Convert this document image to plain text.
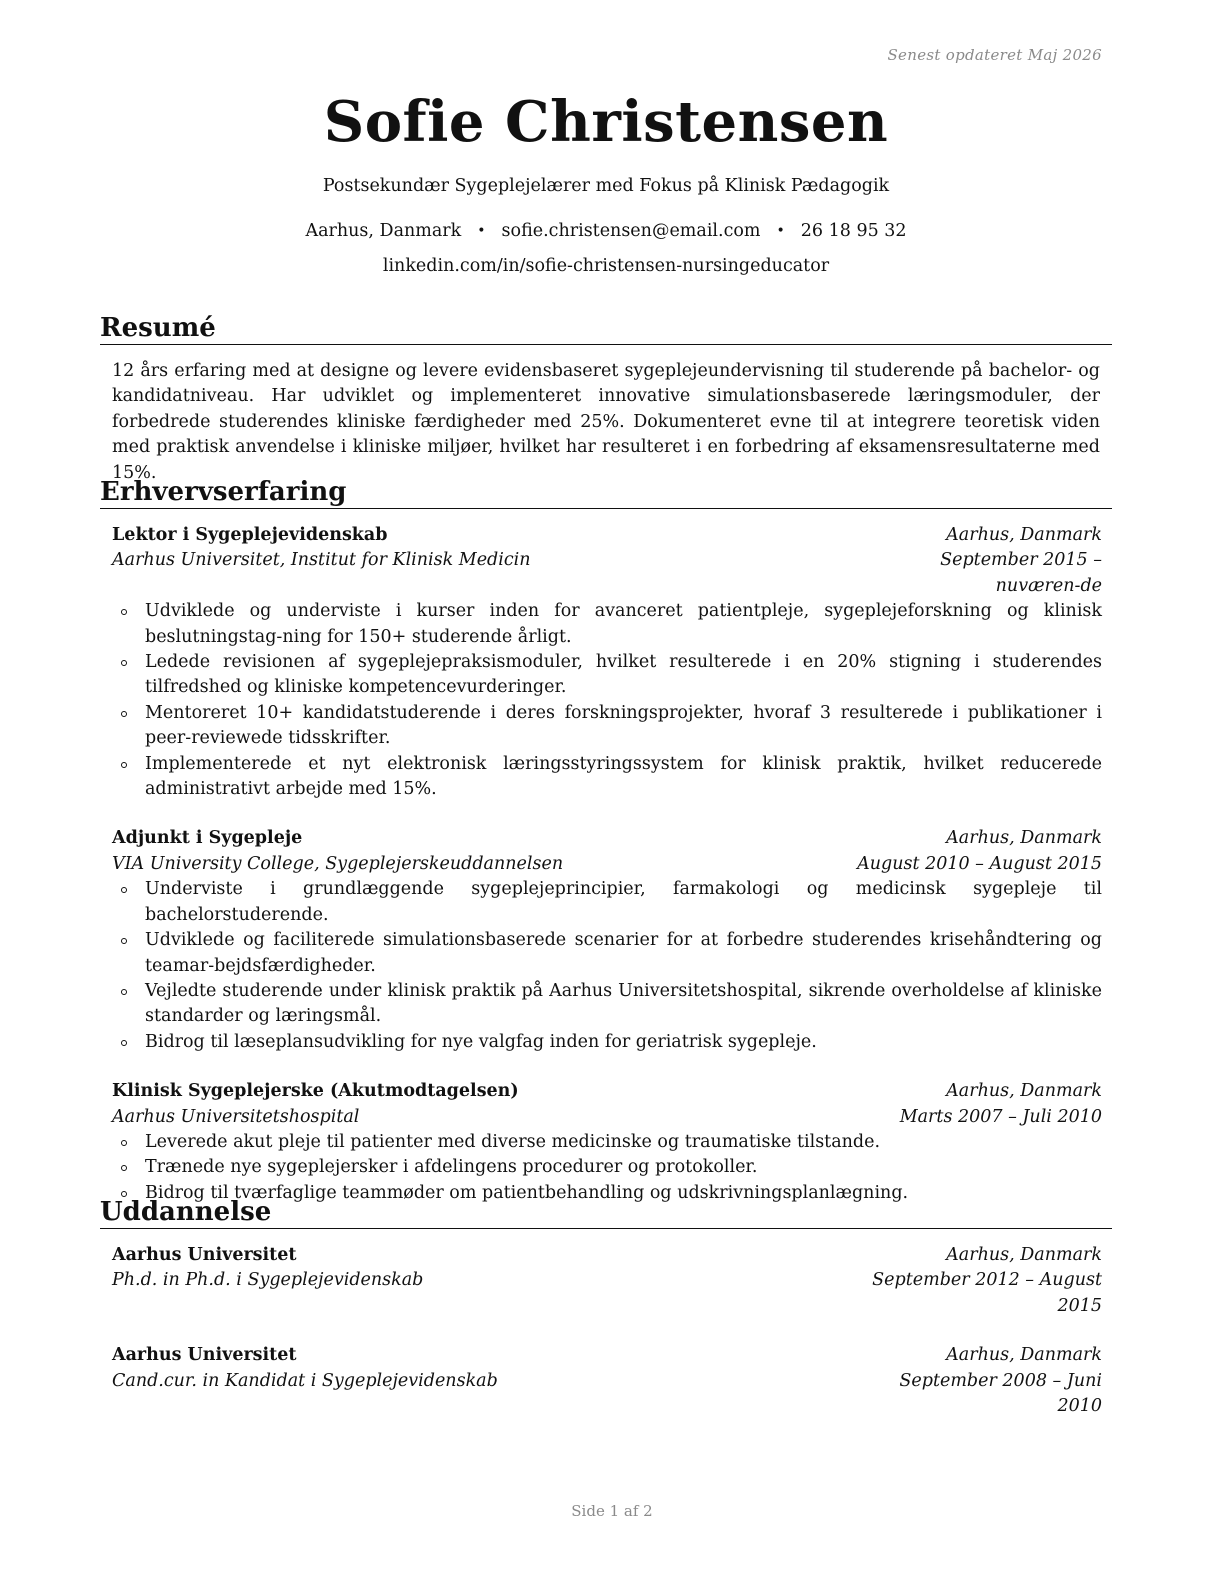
Senest opdateret Maj 2026
Sofie Christensen
Postsekundær Sygeplejelærer med Fokus på Klinisk Pædagogik
Aarhus, Danmark • sofie.christensen@email.com • 26 18 95 32
linkedin.com/in/sofie-christensen-nursingeducator
Resumé

12 års erfaring med at designe og levere evidensbaseret sygeplejeundervisning til studerende på bachelor- og kandidatniveau. Har udviklet og implementeret innovative simulationsbaserede læringsmoduler, der forbedrede studerendes kliniske færdigheder med 25%. Dokumenteret evne til at integrere teoretisk viden med praktisk anvendelse i kliniske miljøer, hvilket har resulteret i en forbedring af eksamensresultaterne med 15%.

Erhvervserfaring
Lektor i Sygeplejevidenskab	Aarhus, Danmark
Aarhus Universitet, Institut for Klinisk Medicin	September 2015 – nuværen-de
Udviklede og underviste i kurser inden for avanceret patientpleje, sygeplejeforskning og klinisk beslutningstag-ning for 150+ studerende årligt.
Ledede revisionen af sygeplejepraksismoduler, hvilket resulterede i en 20% stigning i studerendes tilfredshed og kliniske kompetencevurderinger.
Mentoreret 10+ kandidatstuderende i deres forskningsprojekter, hvoraf 3 resulterede i publikationer i peer-reviewede tidsskrifter.
Implementerede et nyt elektronisk læringsstyringssystem for klinisk praktik, hvilket reducerede administrativt arbejde med 15%.
Adjunkt i Sygepleje	Aarhus, Danmark
VIA University College, Sygeplejerskeuddannelsen	August 2010 – August 2015
Underviste i grundlæggende sygeplejeprincipier, farmakologi og medicinsk sygepleje til bachelorstuderende.
Udviklede og faciliterede simulationsbaserede scenarier for at forbedre studerendes krisehåndtering og teamar-bejdsfærdigheder.
Vejledte studerende under klinisk praktik på Aarhus Universitetshospital, sikrende overholdelse af kliniske standarder og læringsmål.
Bidrog til læseplansudvikling for nye valgfag inden for geriatrisk sygepleje.
Klinisk Sygeplejerske (Akutmodtagelsen)	Aarhus, Danmark
Aarhus Universitetshospital	Marts 2007 – Juli 2010
Leverede akut pleje til patienter med diverse medicinske og traumatiske tilstande.
Trænede nye sygeplejersker i afdelingens procedurer og protokoller.
Bidrog til tværfaglige teammøder om patientbehandling og udskrivningsplanlægning.
Uddannelse
Aarhus Universitet	Aarhus, Danmark
Ph.d. in Ph.d. i Sygeplejevidenskab	September 2012 – August 2015
Aarhus Universitet	Aarhus, Danmark
Cand.cur. in Kandidat i Sygeplejevidenskab	September 2008 – Juni 2010
Side 1 af 2
